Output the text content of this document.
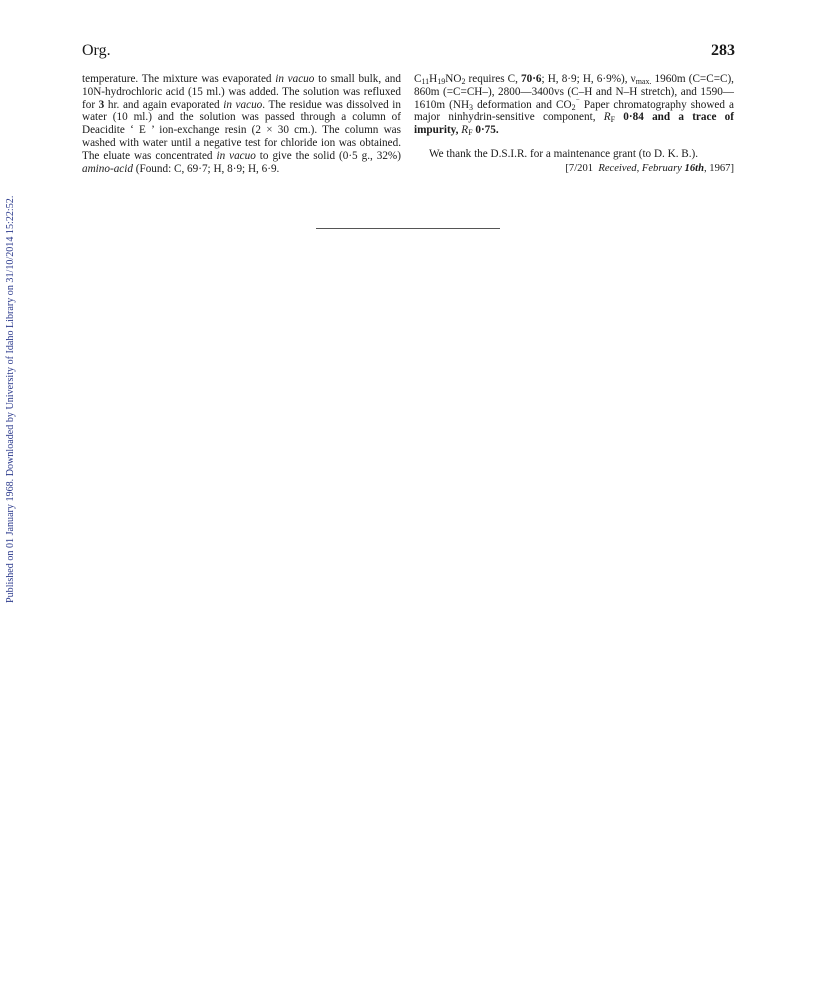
Published on 01 January 1968. Downloaded by University of Idaho Library on 31/10/2014 15:22:52.
Org.	283

temperature. The mixture was evaporated in vacuo to small bulk, and 10N-hydrochloric acid (15 ml.) was added. The solution was refluxed for 3 hr. and again evaporated in vacuo. The residue was dissolved in water (10 ml.) and the solution was passed through a column of Deacidite ‘ E ’ ion-exchange resin (2 × 30 cm.). The column was washed with water until a negative test for chloride ion was obtained. The eluate was concentrated in vacuo to give the solid (0·5 g., 32%) amino-acid (Found: C, 69·7; H, 8·9; H, 6·9.

$C_{11}H_{19}NO_2$ requires C, 70·6; H, 8·9; H, 6·9%), $\nu_{max.}$ 1960m (C=C=C), 860m (=C=CH–), 2800—3400vs (C–H and N–H stretch), and 1590—1610m ($NH_3$ deformation and $CO_2^{^-}$ Paper chromatography showed a major ninhydrin-sensitive component, $R_F$ 0·84 and a trace of impurity, $R_F$ 0·75.

We thank the D.S.I.R. for a maintenance grant (to D. K. B.).

[7/201 Received, February 16th, 1967]
